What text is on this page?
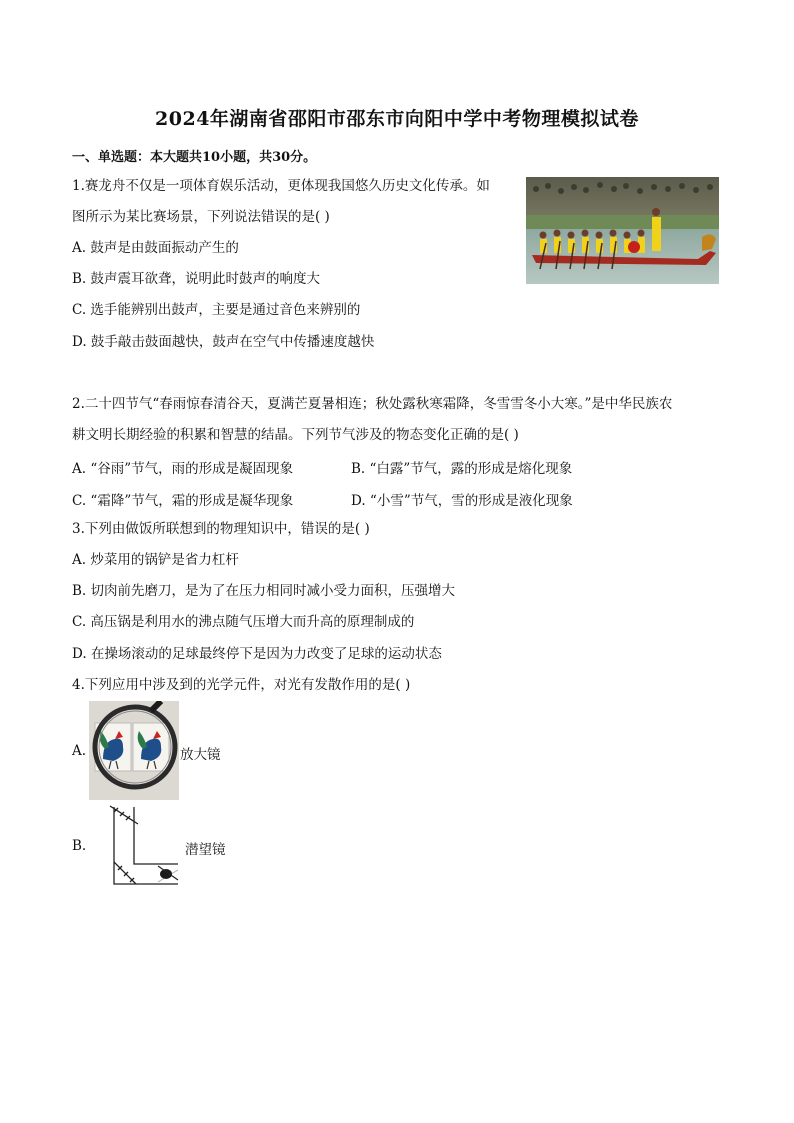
2024年湖南省邵阳市邵东市向阳中学中考物理模拟试卷
一、单选题：本大题共10小题，共30分。
1.赛龙舟不仅是一项体育娱乐活动，更体现我国悠久历史文化传承。如
图所示为某比赛场景，下列说法错误的是( )
A. 鼓声是由鼓面振动产生的
B. 鼓声震耳欲聋，说明此时鼓声的响度大
C. 选手能辨别出鼓声，主要是通过音色来辨别的
D. 鼓手敲击鼓面越快，鼓声在空气中传播速度越快
2.二十四节气“春雨惊春清谷天，夏满芒夏暑相连；秋处露秋寒霜降，冬雪雪冬小大寒。”是中华民族农
耕文明长期经验的积累和智慧的结晶。下列节气涉及的物态变化正确的是( )
A. “谷雨”节气，雨的形成是凝固现象	B. “白露”节气，露的形成是熔化现象
C. “霜降”节气，霜的形成是凝华现象	D. “小雪”节气，雪的形成是液化现象
3.下列由做饭所联想到的物理知识中，错误的是( )
A. 炒菜用的锅铲是省力杠杆
B. 切肉前先磨刀，是为了在压力相同时减小受力面积，压强增大
C. 高压锅是利用水的沸点随气压增大而升高的原理制成的
D. 在操场滚动的足球最终停下是因为力改变了足球的运动状态
4.下列应用中涉及到的光学元件，对光有发散作用的是( )
A.	放大镜
B.	潜望镜
